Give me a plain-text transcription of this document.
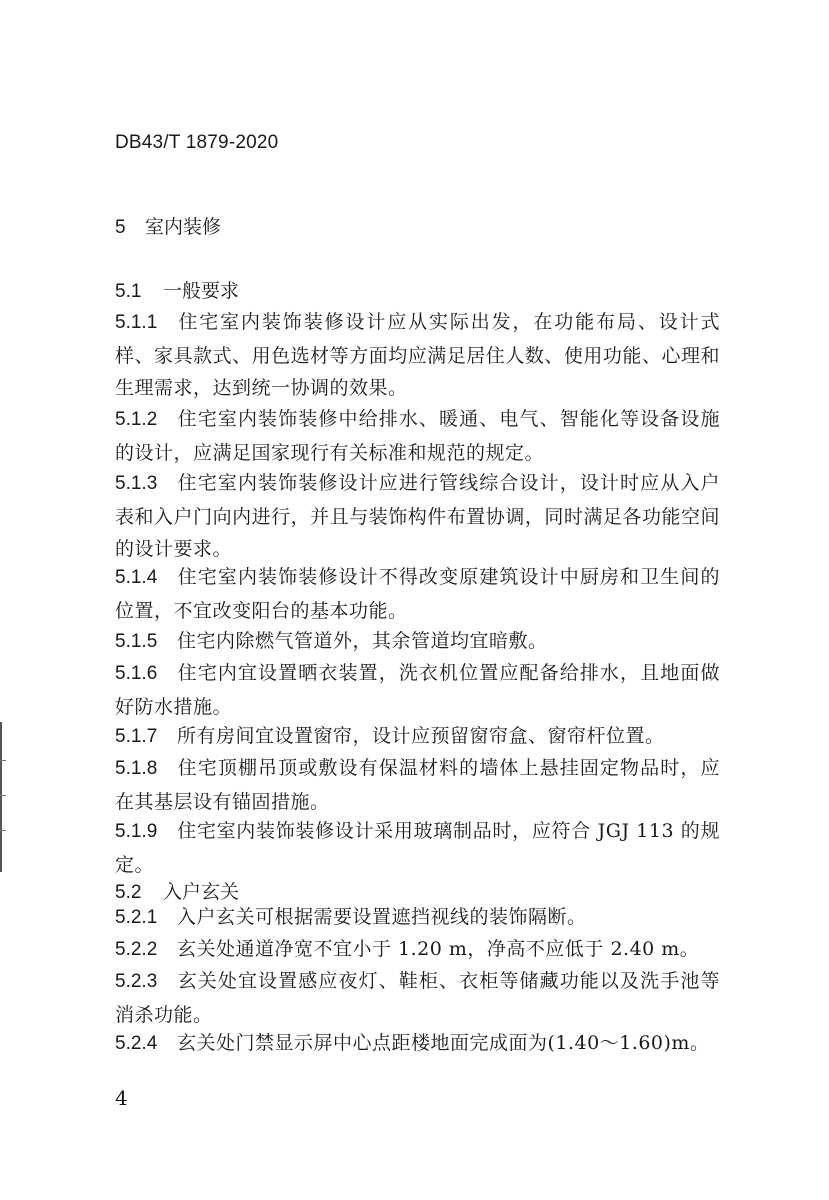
DB43/T 1879-2020
5 室内装修
5.1 一般要求
5.1.1 住宅室内装饰装修设计应从实际出发，在功能布局、设计式样、家具款式、用色选材等方面均应满足居住人数、使用功能、心理和生理需求，达到统一协调的效果。
5.1.2 住宅室内装饰装修中给排水、暖通、电气、智能化等设备设施的设计，应满足国家现行有关标准和规范的规定。
5.1.3 住宅室内装饰装修设计应进行管线综合设计，设计时应从入户表和入户门向内进行，并且与装饰构件布置协调，同时满足各功能空间的设计要求。
5.1.4 住宅室内装饰装修设计不得改变原建筑设计中厨房和卫生间的位置，不宜改变阳台的基本功能。
5.1.5 住宅内除燃气管道外，其余管道均宜暗敷。
5.1.6 住宅内宜设置晒衣装置，洗衣机位置应配备给排水，且地面做好防水措施。
5.1.7 所有房间宜设置窗帘，设计应预留窗帘盒、窗帘杆位置。
5.1.8 住宅顶棚吊顶或敷设有保温材料的墙体上悬挂固定物品时，应在其基层设有锚固措施。
5.1.9 住宅室内装饰装修设计采用玻璃制品时，应符合 JGJ 113 的规定。
5.2 入户玄关
5.2.1 入户玄关可根据需要设置遮挡视线的装饰隔断。
5.2.2 玄关处通道净宽不宜小于 1.20 m，净高不应低于 2.40 m。
5.2.3 玄关处宜设置感应夜灯、鞋柜、衣柜等储藏功能以及洗手池等消杀功能。
5.2.4 玄关处门禁显示屏中心点距楼地面完成面为(1.40～1.60)m。
4
